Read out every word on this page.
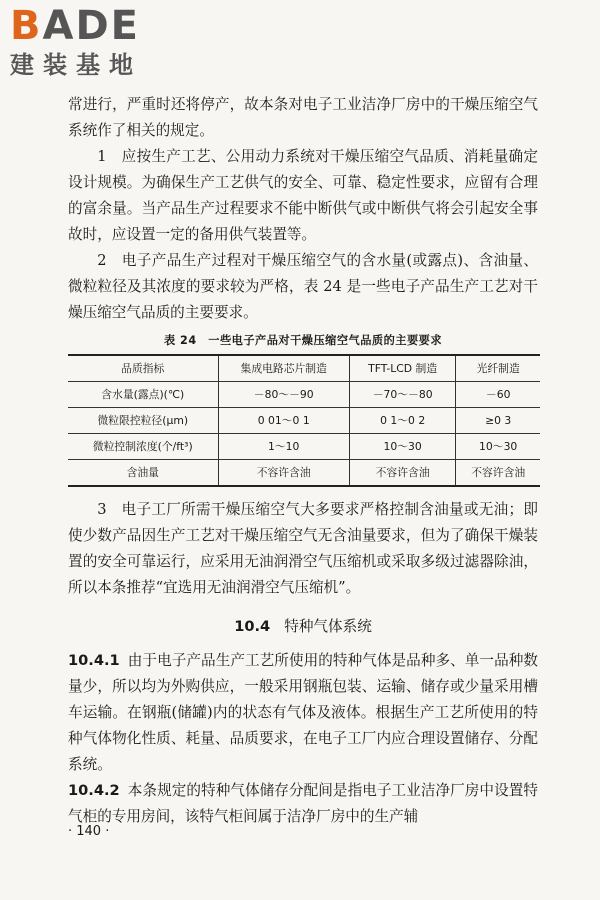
BADE
建装基地

常进行，严重时还将停产，故本条对电子工业洁净厂房中的干燥压缩空气系统作了相关的规定。

1　应按生产工艺、公用动力系统对干燥压缩空气品质、消耗量确定设计规模。为确保生产工艺供气的安全、可靠、稳定性要求，应留有合理的富余量。当产品生产过程要求不能中断供气或中断供气将会引起安全事故时，应设置一定的备用供气装置等。

2　电子产品生产过程对干燥压缩空气的含水量(或露点)、含油量、微粒粒径及其浓度的要求较为严格，表 24 是一些电子产品生产工艺对干燥压缩空气品质的主要要求。

表 24　一些电子产品对干燥压缩空气品质的主要要求
品质指标	集成电路芯片制造	TFT-LCD 制造	光纤制造
含水量(露点)(℃)	－80～－90	－70～－80	－60
微粒限控粒径(μm)	0 01～0 1	0 1～0 2	≥0 3
微粒控制浓度(个/ft³)	1～10	10～30	10～30
含油量	不容许含油	不容许含油	不容许含油

3　电子工厂所需干燥压缩空气大多要求严格控制含油量或无油；即使少数产品因生产工艺对干燥压缩空气无含油量要求，但为了确保干燥装置的安全可靠运行，应采用无油润滑空气压缩机或采取多级过滤器除油，所以本条推荐“宜选用无油润滑空气压缩机”。

10.4 特种气体系统

10.4.1 由于电子产品生产工艺所使用的特种气体是品种多、单一品种数量少，所以均为外购供应，一般采用钢瓶包装、运输、储存或少量采用槽车运输。在钢瓶(储罐)内的状态有气体及液体。根据生产工艺所使用的特种气体物化性质、耗量、品质要求，在电子工厂内应合理设置储存、分配系统。

10.4.2 本条规定的特种气体储存分配间是指电子工业洁净厂房中设置特气柜的专用房间，该特气柜间属于洁净厂房中的生产辅

· 140 ·
